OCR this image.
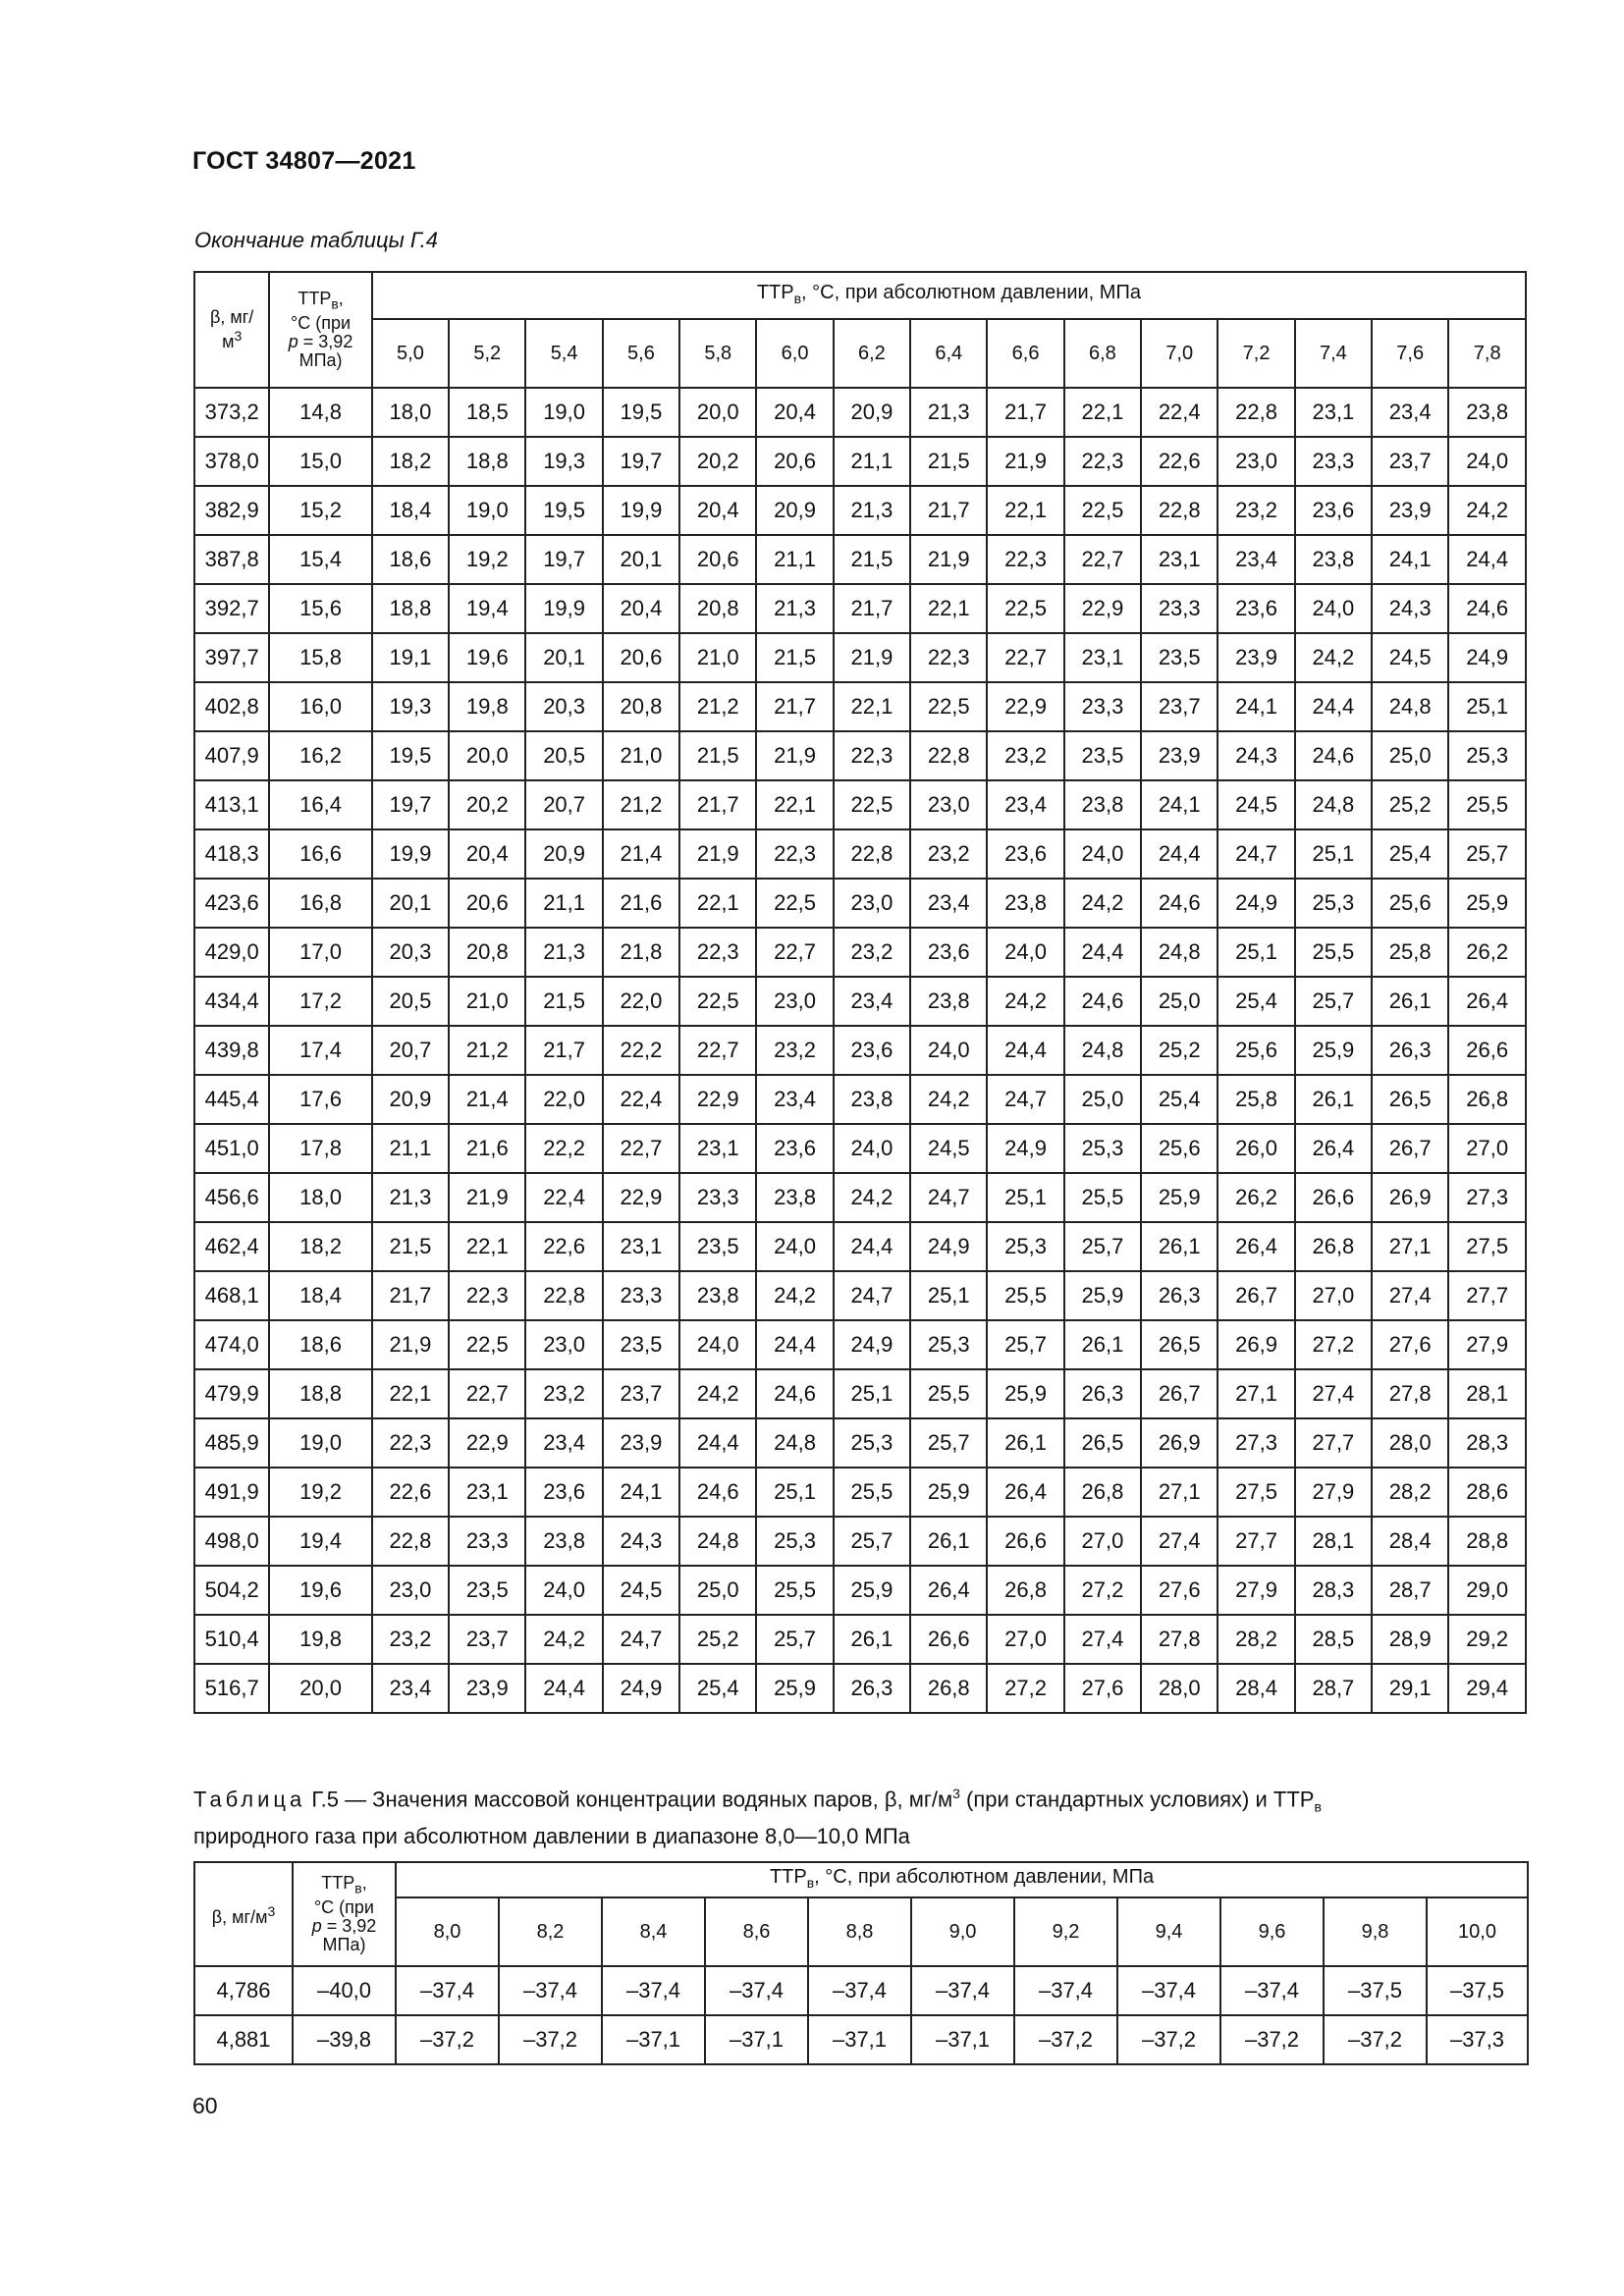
ГОСТ 34807—2021
Окончание таблицы Г.4
β, мг/
$м^3$	$ТТР_в$,
°С (при
р = 3,92
МПа)	$ТТР_в$, °С, при абсолютном давлении, МПа														
		5,0	5,2	5,4	5,6	5,8	6,0	6,2	6,4	6,6	6,8	7,0	7,2	7,4	7,6	7,8
373,2	14,8	18,0	18,5	19,0	19,5	20,0	20,4	20,9	21,3	21,7	22,1	22,4	22,8	23,1	23,4	23,8
378,0	15,0	18,2	18,8	19,3	19,7	20,2	20,6	21,1	21,5	21,9	22,3	22,6	23,0	23,3	23,7	24,0
382,9	15,2	18,4	19,0	19,5	19,9	20,4	20,9	21,3	21,7	22,1	22,5	22,8	23,2	23,6	23,9	24,2
387,8	15,4	18,6	19,2	19,7	20,1	20,6	21,1	21,5	21,9	22,3	22,7	23,1	23,4	23,8	24,1	24,4
392,7	15,6	18,8	19,4	19,9	20,4	20,8	21,3	21,7	22,1	22,5	22,9	23,3	23,6	24,0	24,3	24,6
397,7	15,8	19,1	19,6	20,1	20,6	21,0	21,5	21,9	22,3	22,7	23,1	23,5	23,9	24,2	24,5	24,9
402,8	16,0	19,3	19,8	20,3	20,8	21,2	21,7	22,1	22,5	22,9	23,3	23,7	24,1	24,4	24,8	25,1
407,9	16,2	19,5	20,0	20,5	21,0	21,5	21,9	22,3	22,8	23,2	23,5	23,9	24,3	24,6	25,0	25,3
413,1	16,4	19,7	20,2	20,7	21,2	21,7	22,1	22,5	23,0	23,4	23,8	24,1	24,5	24,8	25,2	25,5
418,3	16,6	19,9	20,4	20,9	21,4	21,9	22,3	22,8	23,2	23,6	24,0	24,4	24,7	25,1	25,4	25,7
423,6	16,8	20,1	20,6	21,1	21,6	22,1	22,5	23,0	23,4	23,8	24,2	24,6	24,9	25,3	25,6	25,9
429,0	17,0	20,3	20,8	21,3	21,8	22,3	22,7	23,2	23,6	24,0	24,4	24,8	25,1	25,5	25,8	26,2
434,4	17,2	20,5	21,0	21,5	22,0	22,5	23,0	23,4	23,8	24,2	24,6	25,0	25,4	25,7	26,1	26,4
439,8	17,4	20,7	21,2	21,7	22,2	22,7	23,2	23,6	24,0	24,4	24,8	25,2	25,6	25,9	26,3	26,6
445,4	17,6	20,9	21,4	22,0	22,4	22,9	23,4	23,8	24,2	24,7	25,0	25,4	25,8	26,1	26,5	26,8
451,0	17,8	21,1	21,6	22,2	22,7	23,1	23,6	24,0	24,5	24,9	25,3	25,6	26,0	26,4	26,7	27,0
456,6	18,0	21,3	21,9	22,4	22,9	23,3	23,8	24,2	24,7	25,1	25,5	25,9	26,2	26,6	26,9	27,3
462,4	18,2	21,5	22,1	22,6	23,1	23,5	24,0	24,4	24,9	25,3	25,7	26,1	26,4	26,8	27,1	27,5
468,1	18,4	21,7	22,3	22,8	23,3	23,8	24,2	24,7	25,1	25,5	25,9	26,3	26,7	27,0	27,4	27,7
474,0	18,6	21,9	22,5	23,0	23,5	24,0	24,4	24,9	25,3	25,7	26,1	26,5	26,9	27,2	27,6	27,9
479,9	18,8	22,1	22,7	23,2	23,7	24,2	24,6	25,1	25,5	25,9	26,3	26,7	27,1	27,4	27,8	28,1
485,9	19,0	22,3	22,9	23,4	23,9	24,4	24,8	25,3	25,7	26,1	26,5	26,9	27,3	27,7	28,0	28,3
491,9	19,2	22,6	23,1	23,6	24,1	24,6	25,1	25,5	25,9	26,4	26,8	27,1	27,5	27,9	28,2	28,6
498,0	19,4	22,8	23,3	23,8	24,3	24,8	25,3	25,7	26,1	26,6	27,0	27,4	27,7	28,1	28,4	28,8
504,2	19,6	23,0	23,5	24,0	24,5	25,0	25,5	25,9	26,4	26,8	27,2	27,6	27,9	28,3	28,7	29,0
510,4	19,8	23,2	23,7	24,2	24,7	25,2	25,7	26,1	26,6	27,0	27,4	27,8	28,2	28,5	28,9	29,2
516,7	20,0	23,4	23,9	24,4	24,9	25,4	25,9	26,3	26,8	27,2	27,6	28,0	28,4	28,7	29,1	29,4
Таблица Г.5 — Значения массовой концентрации водяных паров, β, $мг/м^3$ (при стандартных условиях) и $ТТР_в$
природного газа при абсолютном давлении в диапазоне 8,0—10,0 МПа
β, $мг/м^3$	$ТТР_в$,
°С (при
р = 3,92
МПа)	$ТТР_в$, °С, при абсолютном давлении, МПа										
		8,0	8,2	8,4	8,6	8,8	9,0	9,2	9,4	9,6	9,8	10,0
4,786	–40,0	–37,4	–37,4	–37,4	–37,4	–37,4	–37,4	–37,4	–37,4	–37,4	–37,5	–37,5
4,881	–39,8	–37,2	–37,2	–37,1	–37,1	–37,1	–37,1	–37,2	–37,2	–37,2	–37,2	–37,3
60
